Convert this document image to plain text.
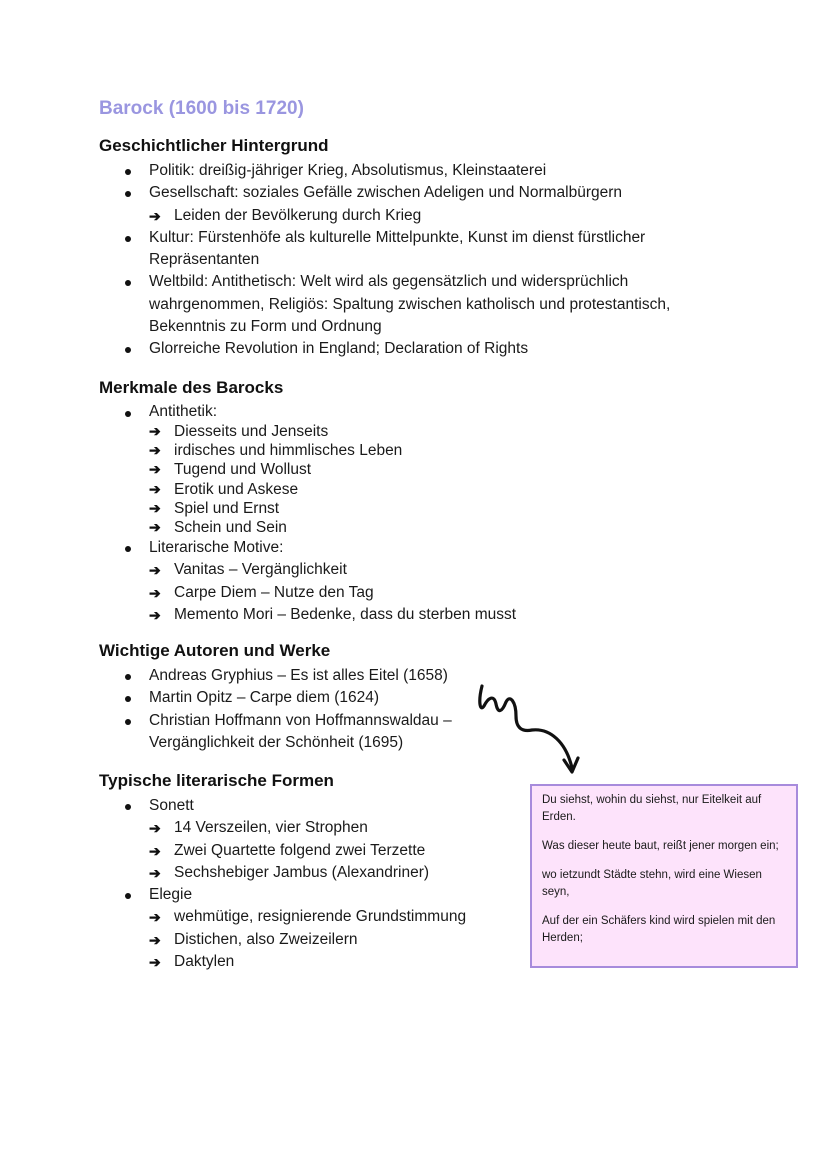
Barock (1600 bis 1720)
Geschichtlicher Hintergrund
Politik: dreißig-jähriger Krieg, Absolutismus, Kleinstaaterei
Gesellschaft: soziales Gefälle zwischen Adeligen und Normalbürgern
➔ Leiden der Bevölkerung durch Krieg
Kultur: Fürstenhöfe als kulturelle Mittelpunkte, Kunst im dienst fürstlicher Repräsentanten
Weltbild: Antithetisch: Welt wird als gegensätzlich und widersprüchlich wahrgenommen, Religiös: Spaltung zwischen katholisch und protestantisch, Bekenntnis zu Form und Ordnung
Glorreiche Revolution in England; Declaration of Rights
Merkmale des Barocks
Antithetik:
➔ Diesseits und Jenseits
➔ irdisches und himmlisches Leben
➔ Tugend und Wollust
➔ Erotik und Askese
➔ Spiel und Ernst
➔ Schein und Sein
Literarische Motive:
➔ Vanitas – Vergänglichkeit
➔ Carpe Diem – Nutze den Tag
➔ Memento Mori – Bedenke, dass du sterben musst
Wichtige Autoren und Werke
Andreas Gryphius – Es ist alles Eitel (1658)
Martin Opitz – Carpe diem (1624)
Christian Hoffmann von Hoffmannswaldau – Vergänglichkeit der Schönheit (1695)
Typische literarische Formen
Sonett
➔ 14 Verszeilen, vier Strophen
➔ Zwei Quartette folgend zwei Terzette
➔ Sechshebiger Jambus (Alexandriner)
Elegie
➔ wehmütige, resignierende Grundstimmung
➔ Distichen, also Zweizeilern
➔ Daktylen

Du siehst, wohin du siehst, nur Eitelkeit auf Erden.

Was dieser heute baut, reißt jener morgen ein;

wo ietzundt Städte stehn, wird eine Wiesen seyn,

Auf der ein Schäfers kind wird spielen mit den Herden;
